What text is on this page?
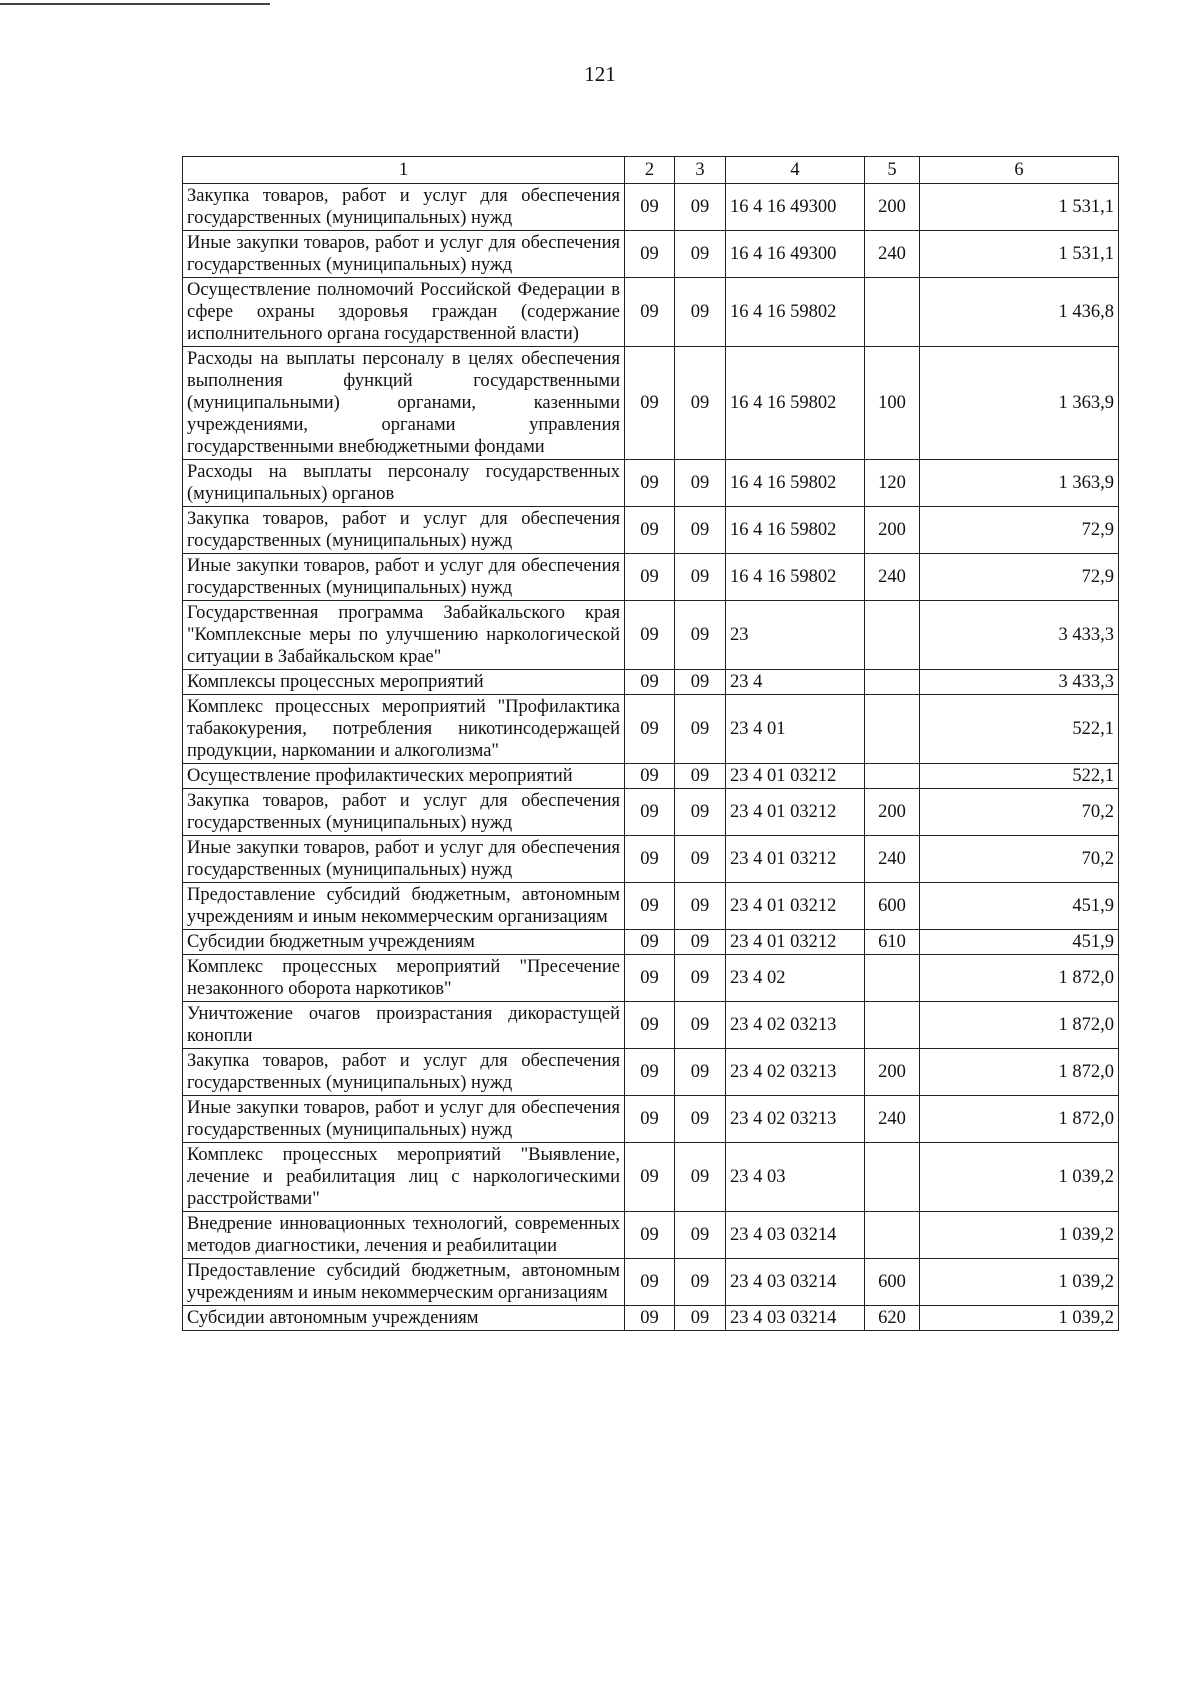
121
1	2	3	4	5	6
Закупка товаров, работ и услуг для обеспечения государственных (муниципальных) нужд	09	09	16 4 16 49300	200	1 531,1
Иные закупки товаров, работ и услуг для обеспечения государственных (муниципальных) нужд	09	09	16 4 16 49300	240	1 531,1
Осуществление полномочий Российской Федерации в сфере охраны здоровья граждан (содержание исполнительного органа государственной власти)	09	09	16 4 16 59802		1 436,8
Расходы на выплаты персоналу в целях обеспечения выполнения функций государственными (муниципальными) органами, казенными учреждениями, органами управления государственными внебюджетными фондами	09	09	16 4 16 59802	100	1 363,9
Расходы на выплаты персоналу государственных (муниципальных) органов	09	09	16 4 16 59802	120	1 363,9
Закупка товаров, работ и услуг для обеспечения государственных (муниципальных) нужд	09	09	16 4 16 59802	200	72,9
Иные закупки товаров, работ и услуг для обеспечения государственных (муниципальных) нужд	09	09	16 4 16 59802	240	72,9
Государственная программа Забайкальского края "Комплексные меры по улучшению наркологической ситуации в Забайкальском крае"	09	09	23		3 433,3
Комплексы процессных мероприятий	09	09	23 4		3 433,3
Комплекс процессных мероприятий "Профилактика табакокурения, потребления никотинсодержащей продукции, наркомании и алкоголизма"	09	09	23 4 01		522,1
Осуществление профилактических мероприятий	09	09	23 4 01 03212		522,1
Закупка товаров, работ и услуг для обеспечения государственных (муниципальных) нужд	09	09	23 4 01 03212	200	70,2
Иные закупки товаров, работ и услуг для обеспечения государственных (муниципальных) нужд	09	09	23 4 01 03212	240	70,2
Предоставление субсидий бюджетным, автономным учреждениям и иным некоммерческим организациям	09	09	23 4 01 03212	600	451,9
Субсидии бюджетным учреждениям	09	09	23 4 01 03212	610	451,9
Комплекс процессных мероприятий "Пресечение незаконного оборота наркотиков"	09	09	23 4 02		1 872,0
Уничтожение очагов произрастания дикорастущей конопли	09	09	23 4 02 03213		1 872,0
Закупка товаров, работ и услуг для обеспечения государственных (муниципальных) нужд	09	09	23 4 02 03213	200	1 872,0
Иные закупки товаров, работ и услуг для обеспечения государственных (муниципальных) нужд	09	09	23 4 02 03213	240	1 872,0
Комплекс процессных мероприятий "Выявление, лечение и реабилитация лиц с наркологическими расстройствами"	09	09	23 4 03		1 039,2
Внедрение инновационных технологий, современных методов диагностики, лечения и реабилитации	09	09	23 4 03 03214		1 039,2
Предоставление субсидий бюджетным, автономным учреждениям и иным некоммерческим организациям	09	09	23 4 03 03214	600	1 039,2
Субсидии автономным учреждениям	09	09	23 4 03 03214	620	1 039,2
